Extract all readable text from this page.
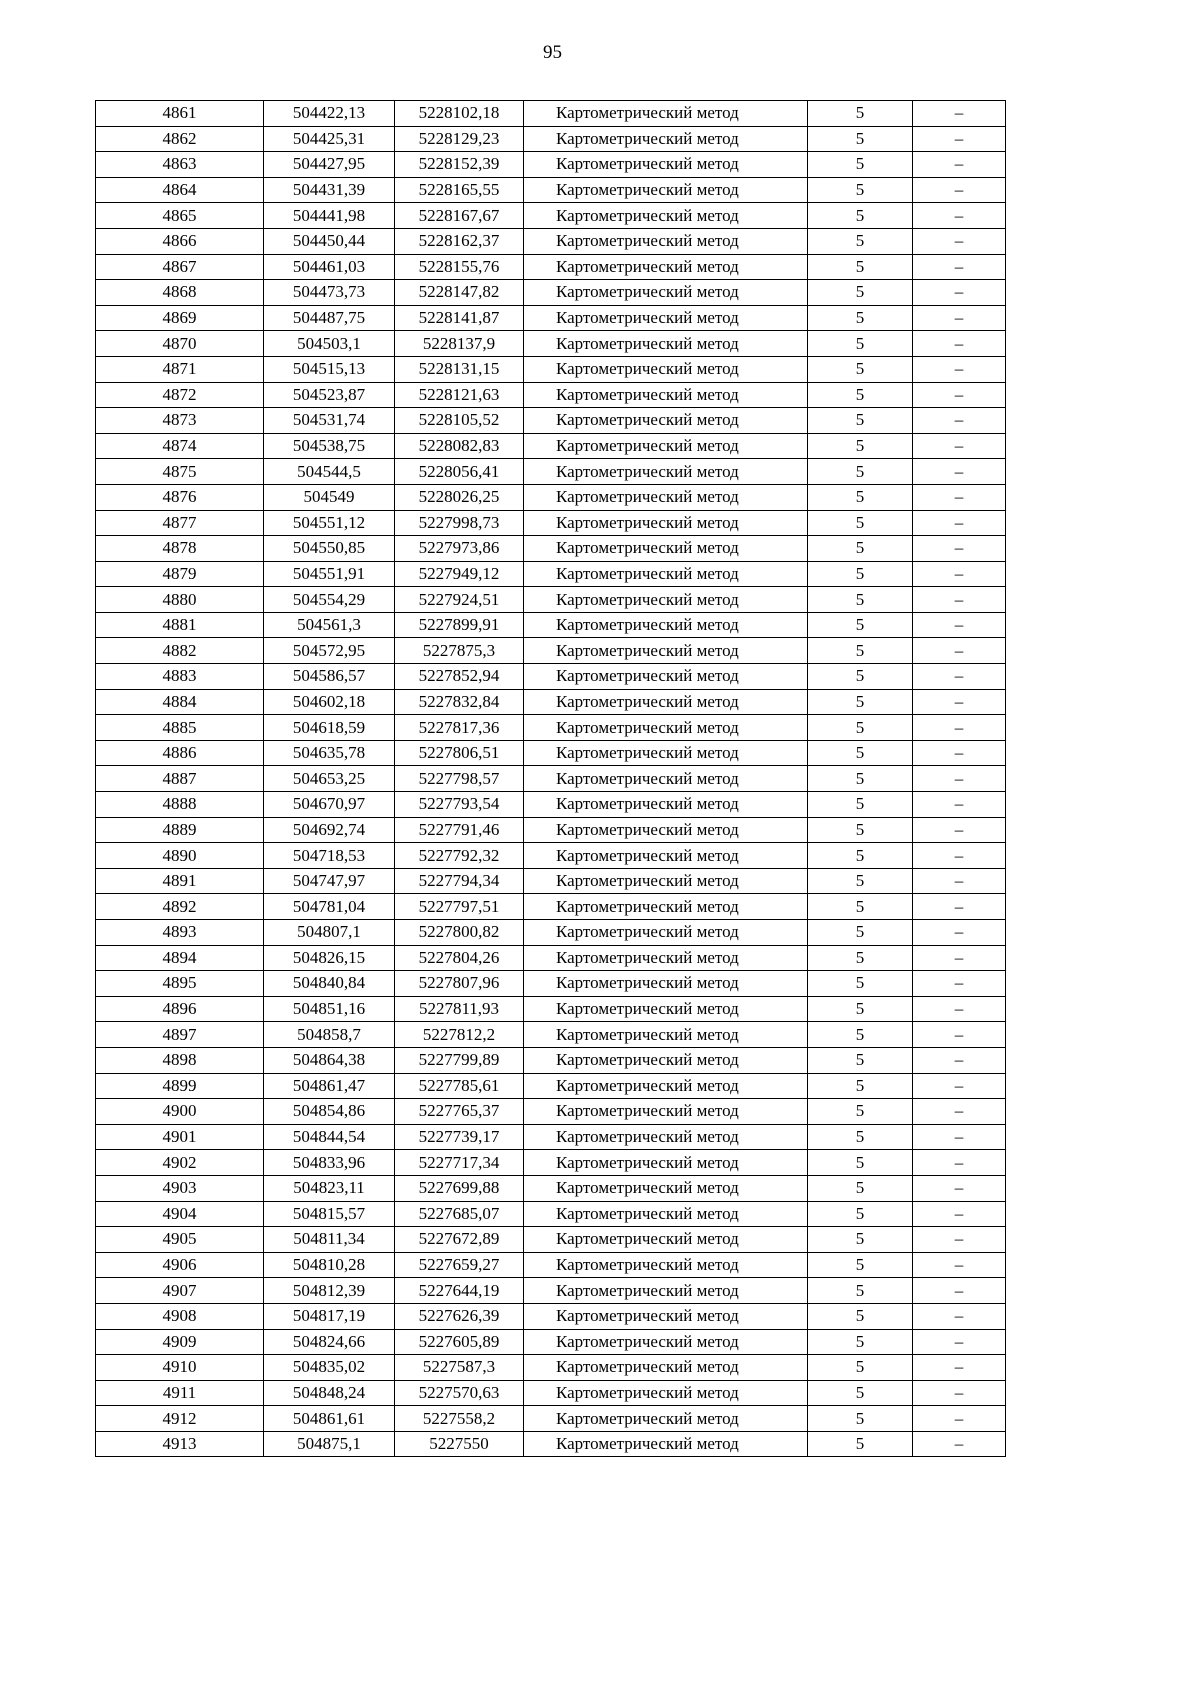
95
4861	504422,13	5228102,18	Картометрический метод	5	–
4862	504425,31	5228129,23	Картометрический метод	5	–
4863	504427,95	5228152,39	Картометрический метод	5	–
4864	504431,39	5228165,55	Картометрический метод	5	–
4865	504441,98	5228167,67	Картометрический метод	5	–
4866	504450,44	5228162,37	Картометрический метод	5	–
4867	504461,03	5228155,76	Картометрический метод	5	–
4868	504473,73	5228147,82	Картометрический метод	5	–
4869	504487,75	5228141,87	Картометрический метод	5	–
4870	504503,1	5228137,9	Картометрический метод	5	–
4871	504515,13	5228131,15	Картометрический метод	5	–
4872	504523,87	5228121,63	Картометрический метод	5	–
4873	504531,74	5228105,52	Картометрический метод	5	–
4874	504538,75	5228082,83	Картометрический метод	5	–
4875	504544,5	5228056,41	Картометрический метод	5	–
4876	504549	5228026,25	Картометрический метод	5	–
4877	504551,12	5227998,73	Картометрический метод	5	–
4878	504550,85	5227973,86	Картометрический метод	5	–
4879	504551,91	5227949,12	Картометрический метод	5	–
4880	504554,29	5227924,51	Картометрический метод	5	–
4881	504561,3	5227899,91	Картометрический метод	5	–
4882	504572,95	5227875,3	Картометрический метод	5	–
4883	504586,57	5227852,94	Картометрический метод	5	–
4884	504602,18	5227832,84	Картометрический метод	5	–
4885	504618,59	5227817,36	Картометрический метод	5	–
4886	504635,78	5227806,51	Картометрический метод	5	–
4887	504653,25	5227798,57	Картометрический метод	5	–
4888	504670,97	5227793,54	Картометрический метод	5	–
4889	504692,74	5227791,46	Картометрический метод	5	–
4890	504718,53	5227792,32	Картометрический метод	5	–
4891	504747,97	5227794,34	Картометрический метод	5	–
4892	504781,04	5227797,51	Картометрический метод	5	–
4893	504807,1	5227800,82	Картометрический метод	5	–
4894	504826,15	5227804,26	Картометрический метод	5	–
4895	504840,84	5227807,96	Картометрический метод	5	–
4896	504851,16	5227811,93	Картометрический метод	5	–
4897	504858,7	5227812,2	Картометрический метод	5	–
4898	504864,38	5227799,89	Картометрический метод	5	–
4899	504861,47	5227785,61	Картометрический метод	5	–
4900	504854,86	5227765,37	Картометрический метод	5	–
4901	504844,54	5227739,17	Картометрический метод	5	–
4902	504833,96	5227717,34	Картометрический метод	5	–
4903	504823,11	5227699,88	Картометрический метод	5	–
4904	504815,57	5227685,07	Картометрический метод	5	–
4905	504811,34	5227672,89	Картометрический метод	5	–
4906	504810,28	5227659,27	Картометрический метод	5	–
4907	504812,39	5227644,19	Картометрический метод	5	–
4908	504817,19	5227626,39	Картометрический метод	5	–
4909	504824,66	5227605,89	Картометрический метод	5	–
4910	504835,02	5227587,3	Картометрический метод	5	–
4911	504848,24	5227570,63	Картометрический метод	5	–
4912	504861,61	5227558,2	Картометрический метод	5	–
4913	504875,1	5227550	Картометрический метод	5	–
